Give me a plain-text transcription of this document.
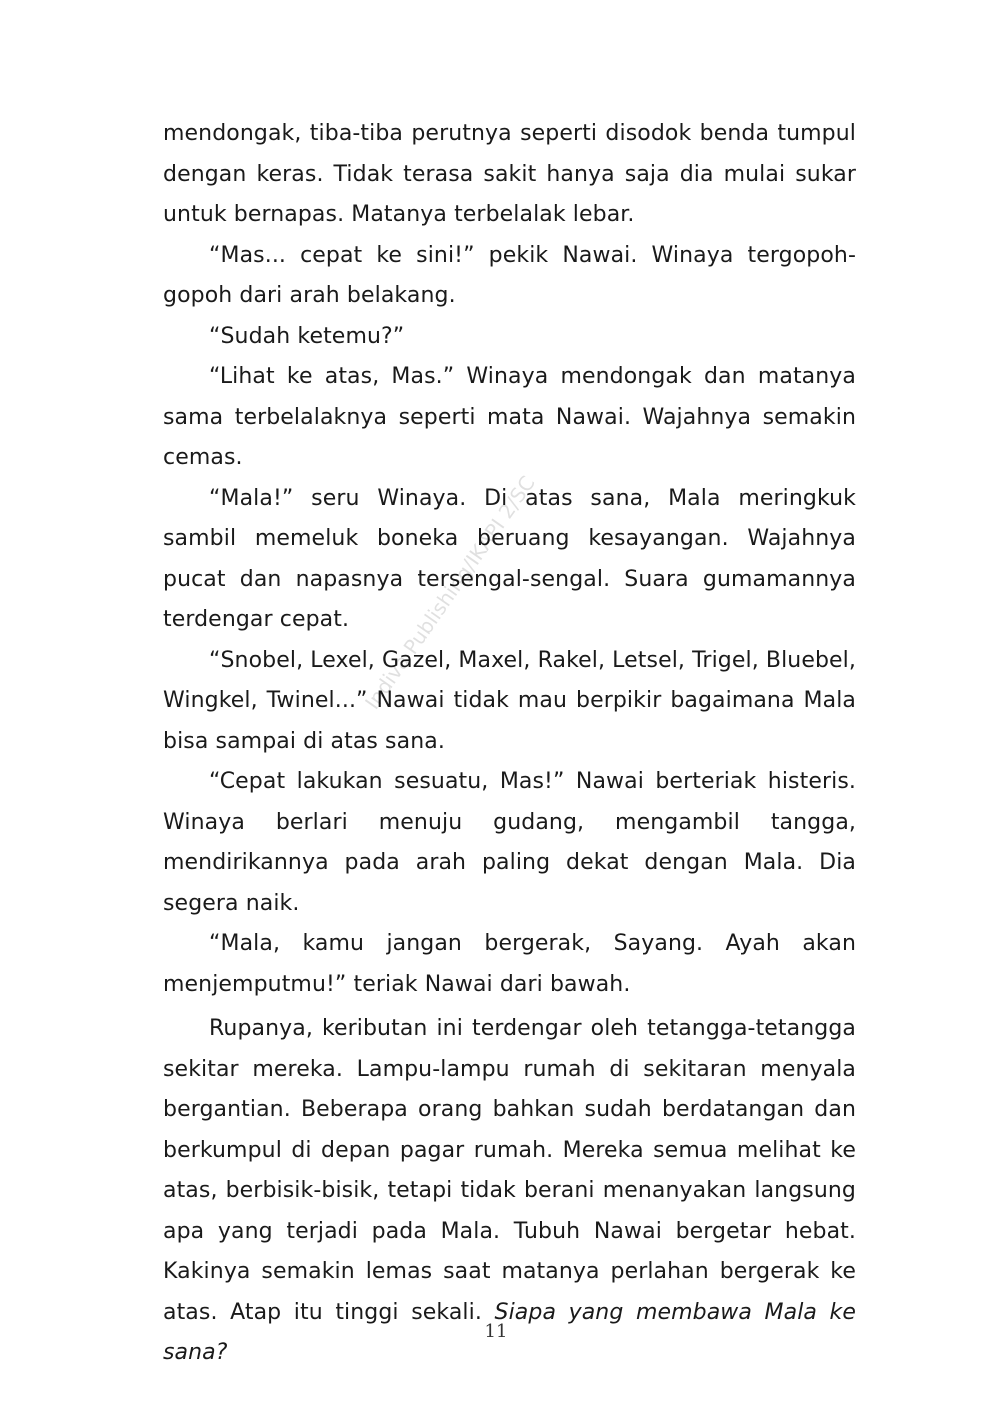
mendongak, tiba-tiba perutnya seperti disodok benda tumpul dengan keras. Tidak terasa sakit hanya saja dia mulai sukar untuk bernapas. Matanya terbelalak lebar.

“Mas... cepat ke sini!” pekik Nawai. Winaya tergopoh-gopoh dari arah belakang.

“Sudah ketemu?”

“Lihat ke atas, Mas.” Winaya mendongak dan matanya sama terbelalaknya seperti mata Nawai. Wajahnya semakin cemas.

“Mala!” seru Winaya. Di atas sana, Mala meringkuk sambil memeluk boneka beruang kesayangan. Wajahnya pucat dan napasnya tersengal-sengal. Suara gumamannya terdengar cepat.

“Snobel, Lexel, Gazel, Maxel, Rakel, Letsel, Trigel, Bluebel, Wingkel, Twinel...” Nawai tidak mau berpikir bagaimana Mala bisa sampai di atas sana.

“Cepat lakukan sesuatu, Mas!” Nawai berteriak histeris. Winaya berlari menuju gudang, mengambil tangga, mendirikannya pada arah paling dekat dengan Mala. Dia segera naik.

“Mala, kamu jangan bergerak, Sayang. Ayah akan menjemputmu!” teriak Nawai dari bawah.

Rupanya, keributan ini terdengar oleh tetangga-tetangga sekitar mereka. Lampu-lampu rumah di sekitaran menyala bergantian. Beberapa orang bahkan sudah berdatangan dan berkumpul di depan pagar rumah. Mereka semua melihat ke atas, berbisik-bisik, tetapi tidak berani menanyakan langsung apa yang terjadi pada Mala. Tubuh Nawai bergetar hebat. Kakinya semakin lemas saat matanya perlahan bergerak ke atas. Atap itu tinggi sekali. Siapa yang membawa Mala ke sana?

Indiva Publishing/IKAPI 2/SC
11
